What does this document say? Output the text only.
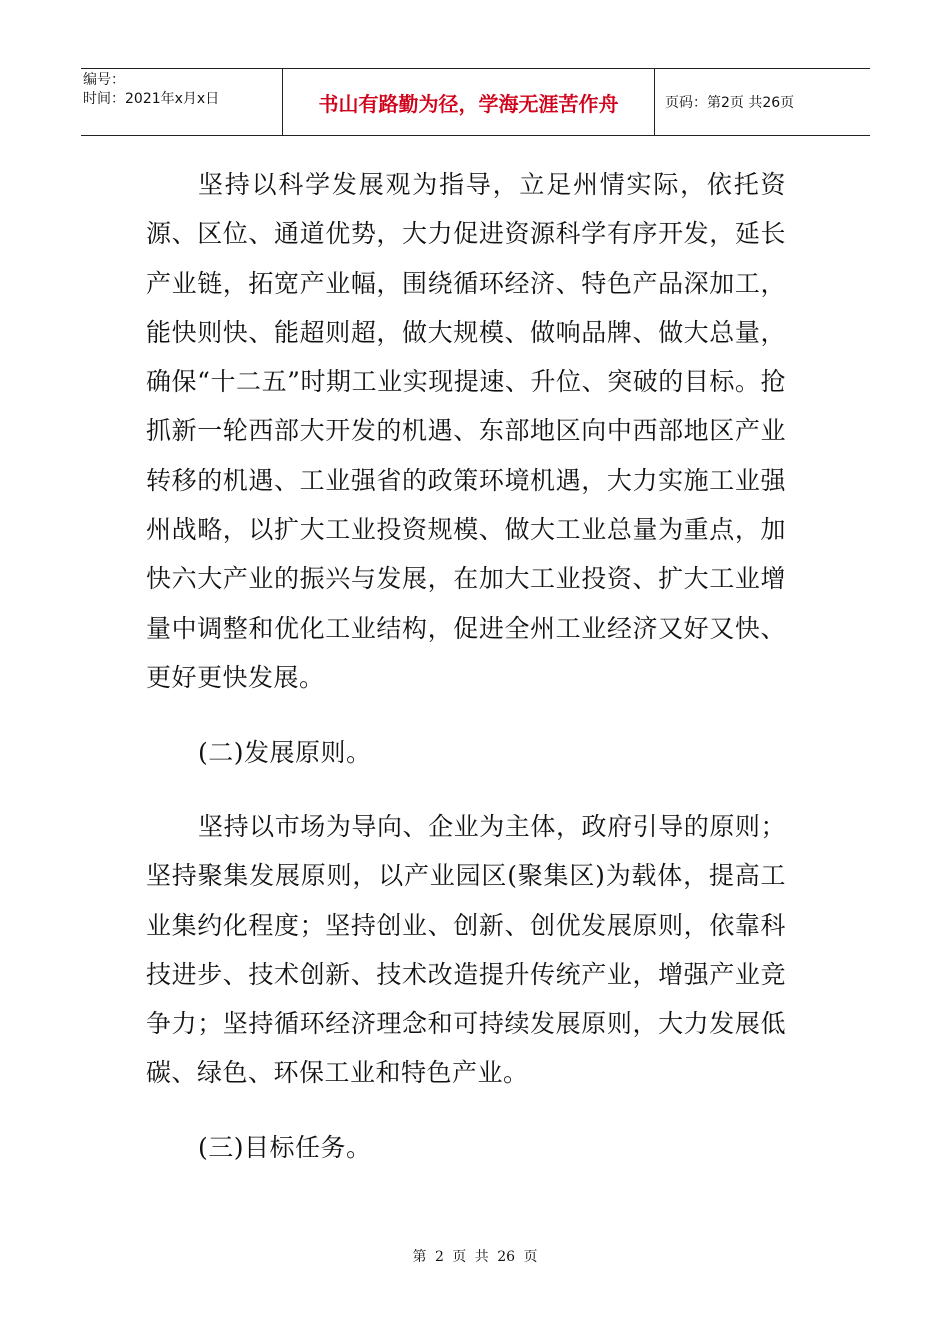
编号：
时间：2021年x月x日	书山有路勤为径，学海无涯苦作舟	页码：第2页 共26页

坚持以科学发展观为指导，立足州情实际，依托资源、区位、通道优势，大力促进资源科学有序开发，延长产业链，拓宽产业幅，围绕循环经济、特色产品深加工，能快则快、能超则超，做大规模、做响品牌、做大总量，确保“十二五”时期工业实现提速、升位、突破的目标。抢抓新一轮西部大开发的机遇、东部地区向中西部地区产业转移的机遇、工业强省的政策环境机遇，大力实施工业强州战略，以扩大工业投资规模、做大工业总量为重点，加快六大产业的振兴与发展，在加大工业投资、扩大工业增量中调整和优化工业结构，促进全州工业经济又好又快、更好更快发展。

(二)发展原则。

坚持以市场为导向、企业为主体，政府引导的原则；坚持聚集发展原则，以产业园区(聚集区)为载体，提高工业集约化程度；坚持创业、创新、创优发展原则，依靠科技进步、技术创新、技术改造提升传统产业，增强产业竞争力；坚持循环经济理念和可持续发展原则，大力发展低碳、绿色、环保工业和特色产业。

(三)目标任务。

第 2 页 共 26 页
